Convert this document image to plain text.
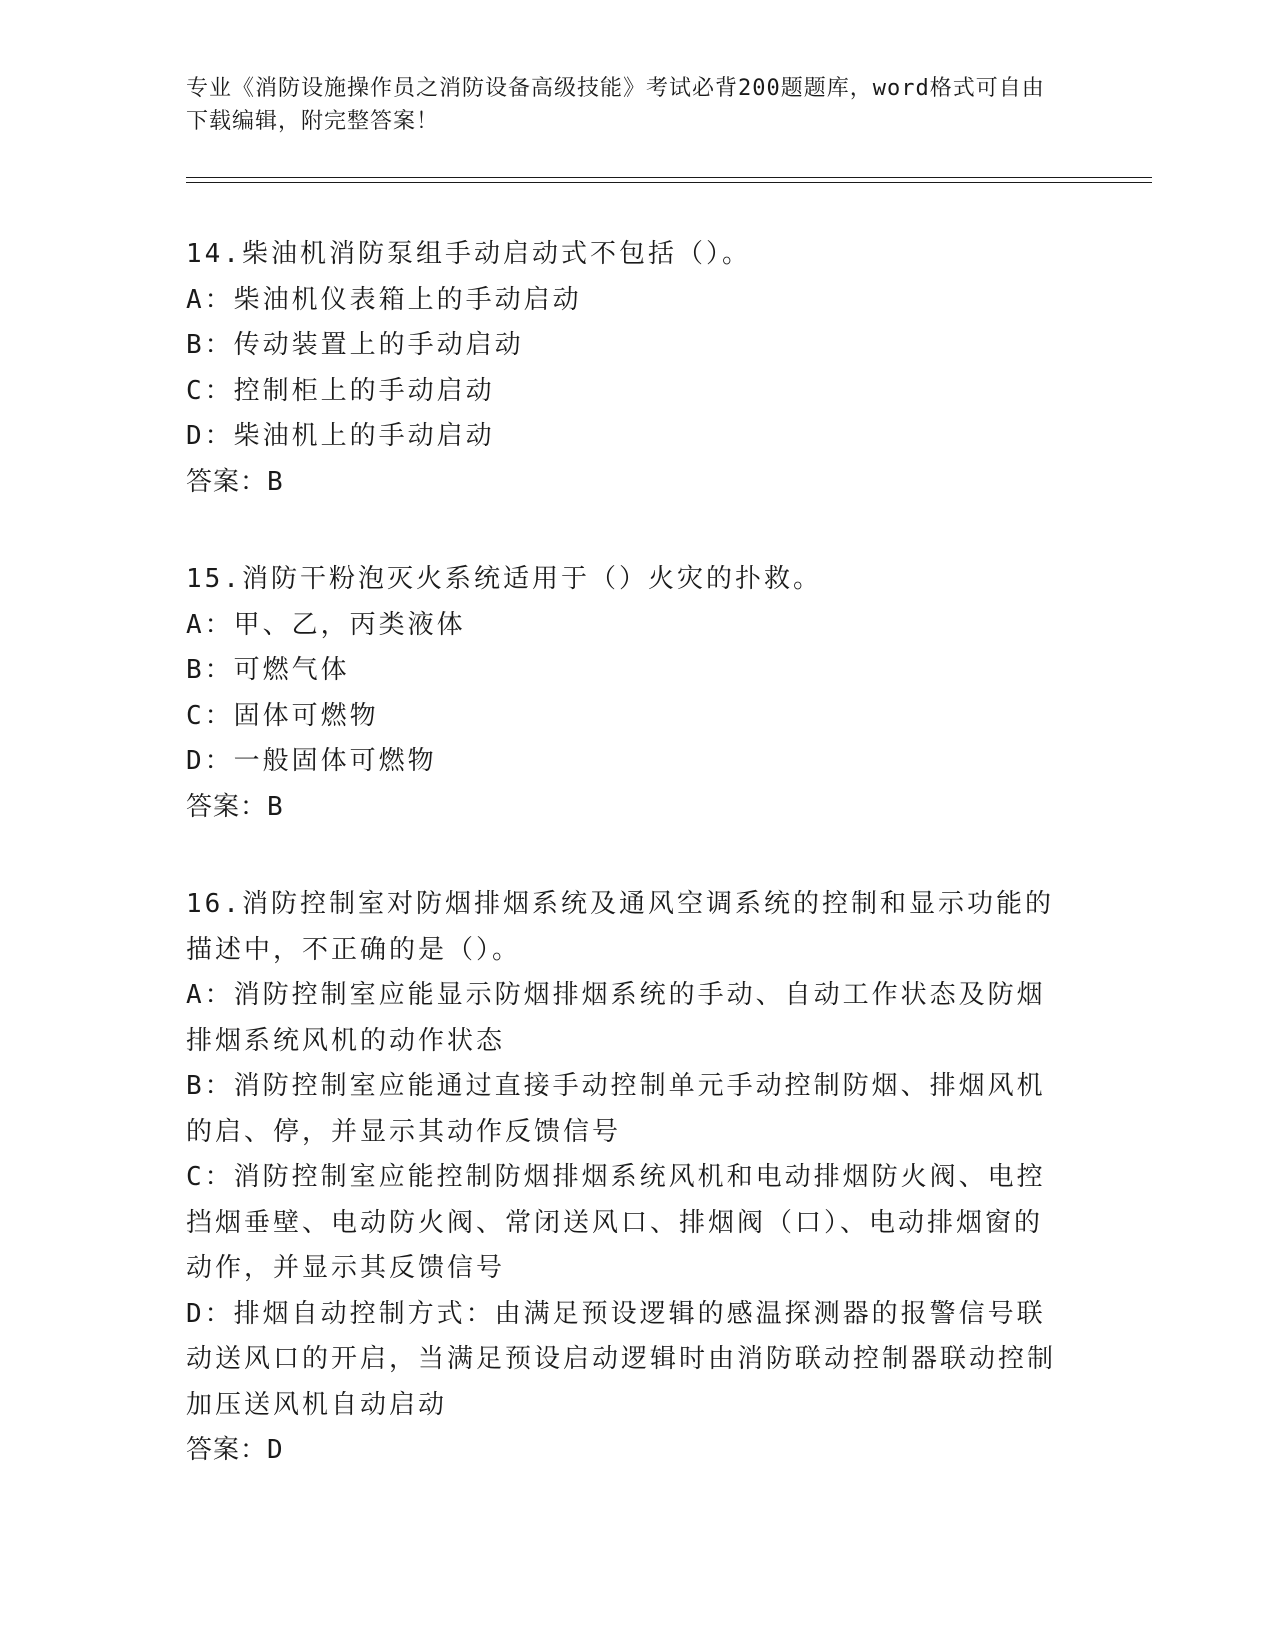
专业《消防设施操作员之消防设备高级技能》考试必背200题题库，word格式可自由下载编辑，附完整答案！
14.柴油机消防泵组手动启动式不包括（）。
A：柴油机仪表箱上的手动启动
B：传动装置上的手动启动
C：控制柜上的手动启动
D：柴油机上的手动启动
答案：B
15.消防干粉泡灭火系统适用于（）火灾的扑救。
A：甲、乙，丙类液体
B：可燃气体
C：固体可燃物
D：一般固体可燃物
答案：B
16.消防控制室对防烟排烟系统及通风空调系统的控制和显示功能的描述中，不正确的是（）。
A：消防控制室应能显示防烟排烟系统的手动、自动工作状态及防烟排烟系统风机的动作状态
B：消防控制室应能通过直接手动控制单元手动控制防烟、排烟风机的启、停，并显示其动作反馈信号
C：消防控制室应能控制防烟排烟系统风机和电动排烟防火阀、电控挡烟垂壁、电动防火阀、常闭送风口、排烟阀（口）、电动排烟窗的动作，并显示其反馈信号
D：排烟自动控制方式：由满足预设逻辑的感温探测器的报警信号联动送风口的开启，当满足预设启动逻辑时由消防联动控制器联动控制加压送风机自动启动
答案：D
